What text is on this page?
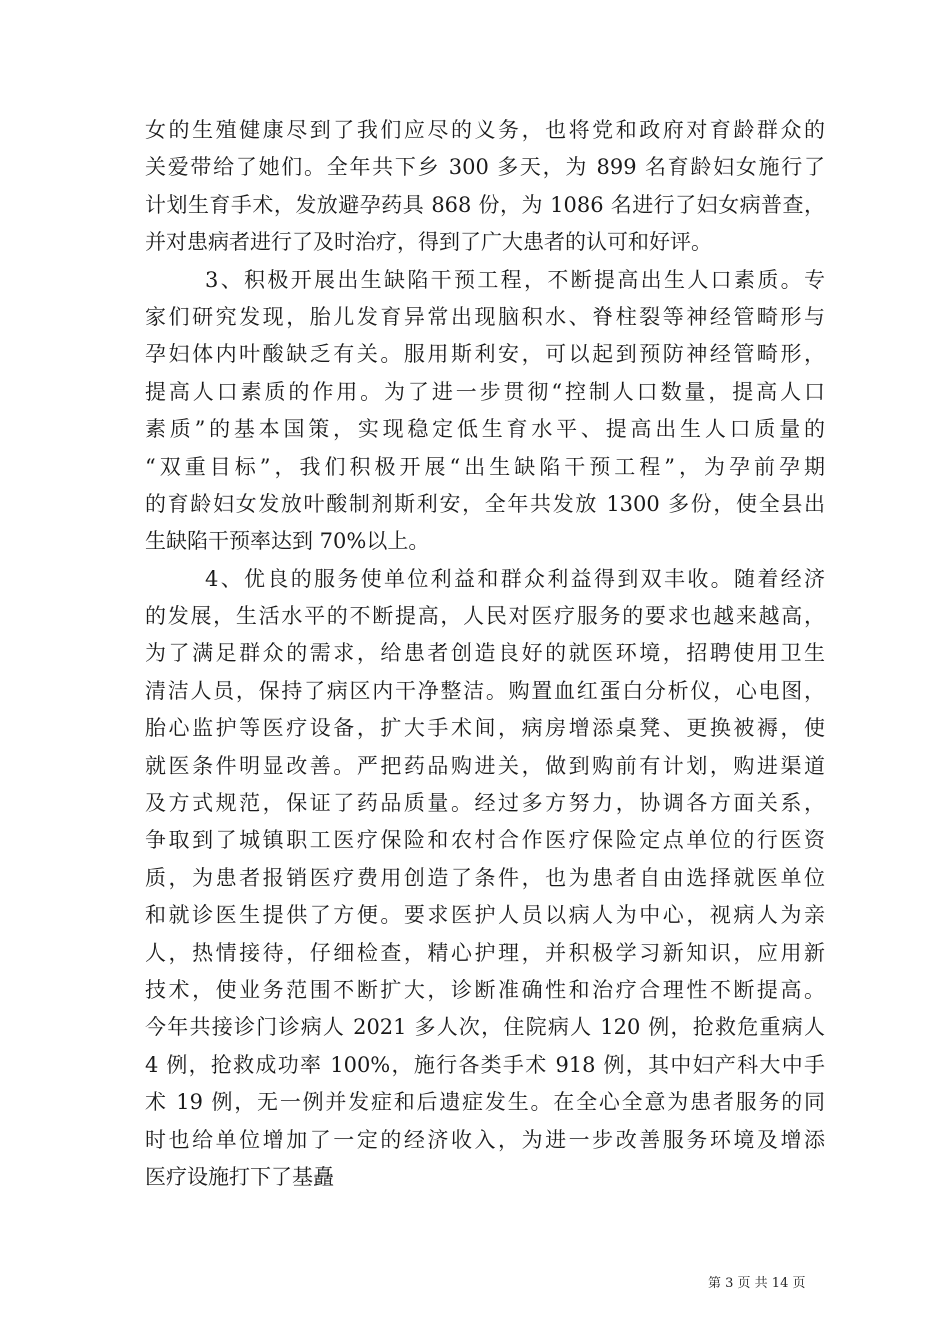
女的生殖健康尽到了我们应尽的义务，也将党和政府对育龄群众的
关爱带给了她们。全年共下乡 300 多天，为 899 名育龄妇女施行了
计划生育手术，发放避孕药具 868 份，为 1086 名进行了妇女病普查，
并对患病者进行了及时治疗，得到了广大患者的认可和好评。
3、积极开展出生缺陷干预工程，不断提高出生人口素质。专
家们研究发现，胎儿发育异常出现脑积水、脊柱裂等神经管畸形与
孕妇体内叶酸缺乏有关。服用斯利安，可以起到预防神经管畸形，
提高人口素质的作用。为了进一步贯彻“控制人口数量，提高人口
素质”的基本国策，实现稳定低生育水平、提高出生人口质量的
“双重目标”，我们积极开展“出生缺陷干预工程”，为孕前孕期
的育龄妇女发放叶酸制剂斯利安，全年共发放 1300 多份，使全县出
生缺陷干预率达到 70%以上。
4、优良的服务使单位利益和群众利益得到双丰收。随着经济
的发展，生活水平的不断提高，人民对医疗服务的要求也越来越高，
为了满足群众的需求，给患者创造良好的就医环境，招聘使用卫生
清洁人员，保持了病区内干净整洁。购置血红蛋白分析仪，心电图，
胎心监护等医疗设备，扩大手术间，病房增添桌凳、更换被褥，使
就医条件明显改善。严把药品购进关，做到购前有计划，购进渠道
及方式规范，保证了药品质量。经过多方努力，协调各方面关系，
争取到了城镇职工医疗保险和农村合作医疗保险定点单位的行医资
质，为患者报销医疗费用创造了条件，也为患者自由选择就医单位
和就诊医生提供了方便。要求医护人员以病人为中心，视病人为亲
人，热情接待，仔细检查，精心护理，并积极学习新知识，应用新
技术，使业务范围不断扩大，诊断准确性和治疗合理性不断提高。
今年共接诊门诊病人 2021 多人次，住院病人 120 例，抢救危重病人
4 例，抢救成功率 100%，施行各类手术 918 例，其中妇产科大中手
术 19 例，无一例并发症和后遗症发生。在全心全意为患者服务的同
时也给单位增加了一定的经济收入，为进一步改善服务环境及增添
医疗设施打下了基矗
第 3 页 共 14 页
